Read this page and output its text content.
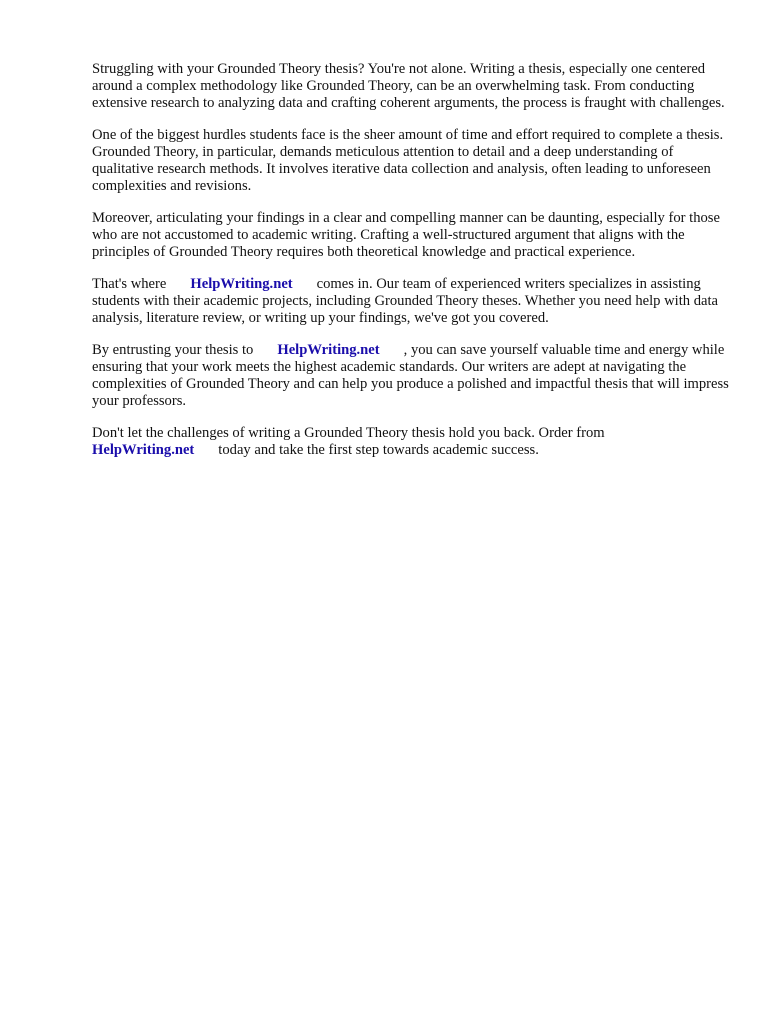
Struggling with your Grounded Theory thesis? You're not alone. Writing a thesis, especially one centered around a complex methodology like Grounded Theory, can be an overwhelming task. From conducting extensive research to analyzing data and crafting coherent arguments, the process is fraught with challenges.

One of the biggest hurdles students face is the sheer amount of time and effort required to complete a thesis. Grounded Theory, in particular, demands meticulous attention to detail and a deep understanding of qualitative research methods. It involves iterative data collection and analysis, often leading to unforeseen complexities and revisions.

Moreover, articulating your findings in a clear and compelling manner can be daunting, especially for those who are not accustomed to academic writing. Crafting a well-structured argument that aligns with the principles of Grounded Theory requires both theoretical knowledge and practical experience.

That's where HelpWriting.net comes in. Our team of experienced writers specializes in assisting students with their academic projects, including Grounded Theory theses. Whether you need help with data analysis, literature review, or writing up your findings, we've got you covered.

By entrusting your thesis to HelpWriting.net , you can save yourself valuable time and energy while ensuring that your work meets the highest academic standards. Our writers are adept at navigating the complexities of Grounded Theory and can help you produce a polished and impactful thesis that will impress your professors.

Don't let the challenges of writing a Grounded Theory thesis hold you back. Order from
HelpWriting.net today and take the first step towards academic success.
